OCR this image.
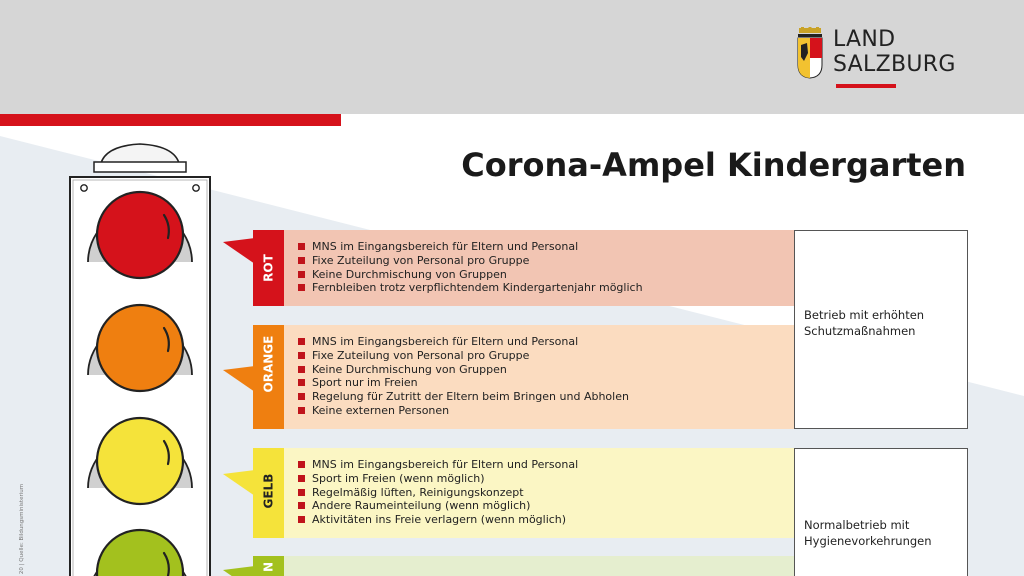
LAND
SALZBURG
Corona-Ampel Kindergarten
ROT
MNS im Eingangsbereich für Eltern und Personal
Fixe Zuteilung von Personal pro Gruppe
Keine Durchmischung von Gruppen
Fernbleiben trotz verpflichtendem Kindergartenjahr möglich
ORANGE	MNS im Eingangsbereich für Eltern und Personal
Fixe Zuteilung von Personal pro Gruppe
Keine Durchmischung von Gruppen
Sport nur im Freien
Regelung für Zutritt der Eltern beim Bringen und Abholen
Keine externen Personen
GELB
MNS im Eingangsbereich für Eltern und Personal
Sport im Freien (wenn möglich)
Regelmäßig lüften, Reinigungskonzept
Andere Raumeinteilung (wenn möglich)
Aktivitäten ins Freie verlagern (wenn möglich)
N
Betrieb mit erhöhten
Schutzmaßnahmen
Normalbetrieb mit
Hygienevorkehrungen
20 | Quelle: Bildungsministerium
